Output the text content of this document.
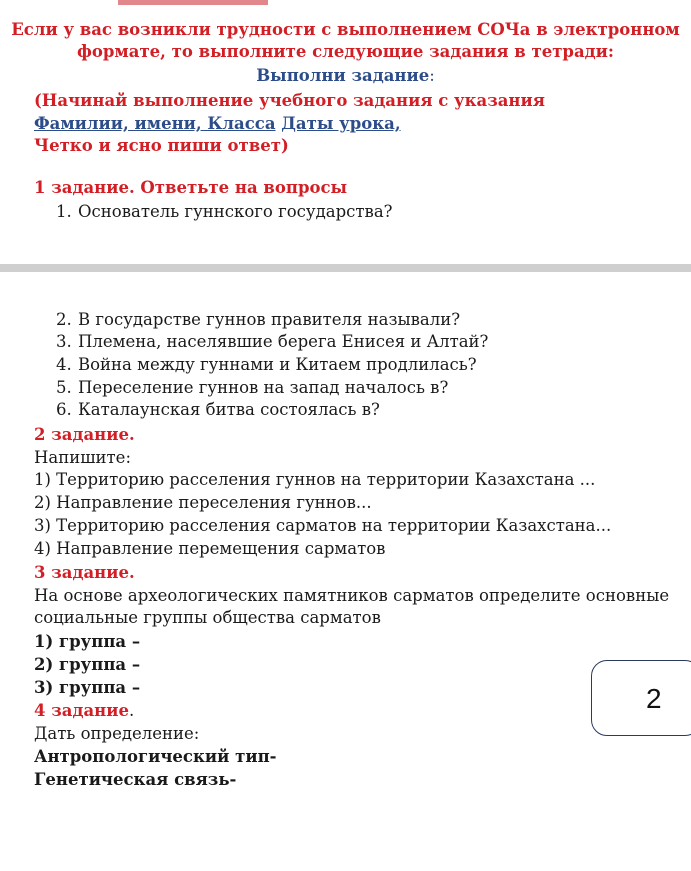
Если у вас возникли трудности с выполнением СОЧа в электронном
формате, то выполните следующие задания в тетради:
Выполни задание:
(Начинай выполнение учебного задания с указания
Фамилии, имени, Класса Даты урока,
Четко и ясно пиши ответ)
1 задание. Ответьте на вопросы
1. Основатель гуннского государства?
2. В государстве гуннов правителя называли?
3. Племена, населявшие берега Енисея и Алтай?
4. Война между гуннами и Китаем продлилась?
5. Переселение гуннов на запад началось в?
6. Каталаунская битва состоялась в?
2 задание.
Напишите:
1) Территорию расселения гуннов на территории Казахстана ...
2) Направление переселения гуннов...
3) Территорию расселения сарматов на территории Казахстана...
4) Направление перемещения сарматов
3 задание.
На основе археологических памятников сарматов определите основные
социальные группы общества сарматов
1) группа –
2) группа –
3) группа –
4 задание.
Дать определение:
Антропологический тип-
Генетическая связь-
2
